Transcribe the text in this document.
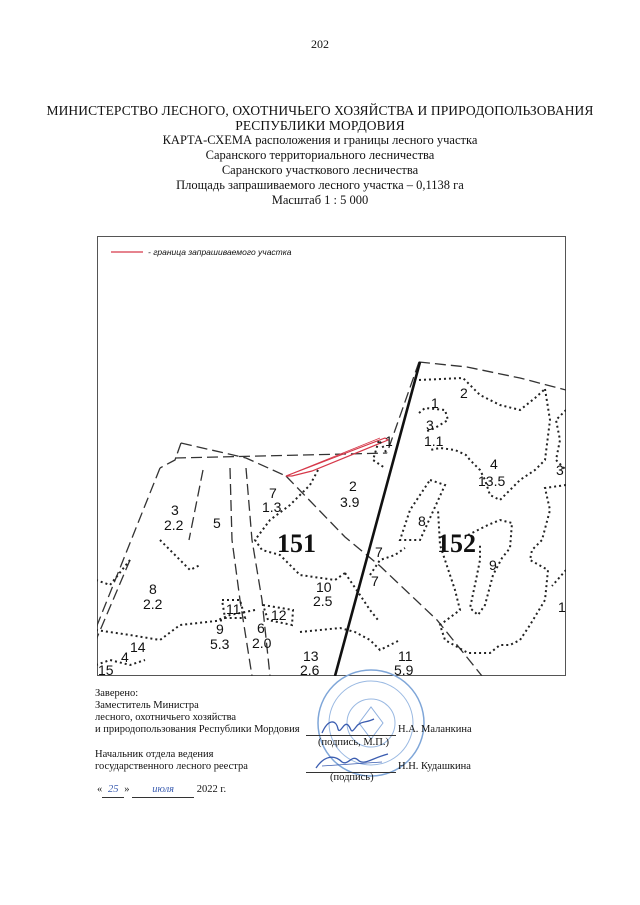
202
МИНИСТЕРСТВО ЛЕСНОГО, ОХОТНИЧЬЕГО ХОЗЯЙСТВА И ПРИРОДОПОЛЬЗОВАНИЯ
РЕСПУБЛИКИ МОРДОВИЯ
КАРТА-СХЕМА расположения и границы лесного участка
Саранского территориального лесничества
Саранского участкового лесничества
Площадь запрашиваемого лесного участка – 0,1138 га
Масштаб 1 : 5 000
- граница запрашиваемого участка
1
2
3
1.1
1
4
13.5
3
7
1.3
2
3.9
3
2.2 5	8
7
7
9
8
2.2
10
2.5
11 12
9
5.3
6
2.0
13
2.6
11
5.9
1
14
4
15
151	152
Заверено:
Заместитель Министра
лесного, охотничьего хозяйства
и природопользования Республики Мордовия
(подпись, М.П.)
Н.А. Маланкина
Начальник отдела ведения
государственного лесного реестра
(подпись)
Н.Н. Кудашкина
« 25 » июля 2022 г.
